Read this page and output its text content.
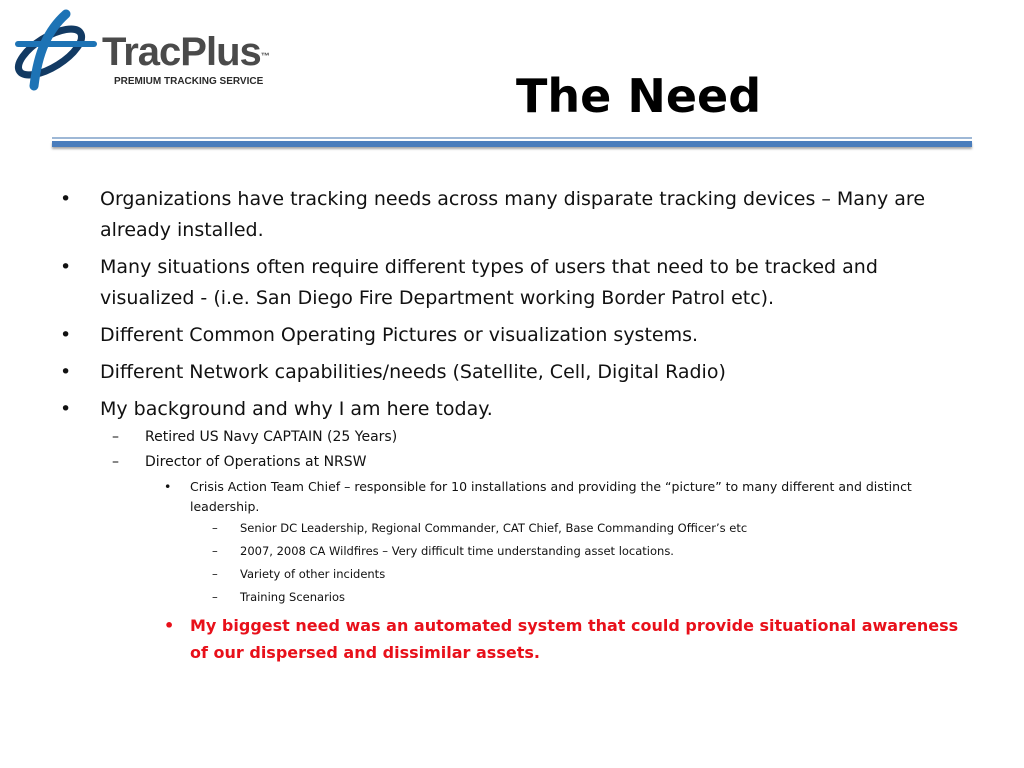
TracPlus™
PREMIUM TRACKING SERVICE	The Need
• Organizations have tracking needs across many disparate tracking devices – Many are already installed.
• Many situations often require different types of users that need to be tracked and visualized - (i.e. San Diego Fire Department working Border Patrol etc).
• Different Common Operating Pictures or visualization systems.
• Different Network capabilities/needs (Satellite, Cell, Digital Radio)
• My background and why I am here today.
– Retired US Navy CAPTAIN (25 Years)
– Director of Operations at NRSW
• Crisis Action Team Chief – responsible for 10 installations and providing the “picture” to many different and distinct leadership.
– Senior DC Leadership, Regional Commander, CAT Chief, Base Commanding Officer’s etc
– 2007, 2008 CA Wildfires – Very difficult time understanding asset locations.
– Variety of other incidents
– Training Scenarios
• My biggest need was an automated system that could provide situational awareness of our dispersed and dissimilar assets.
